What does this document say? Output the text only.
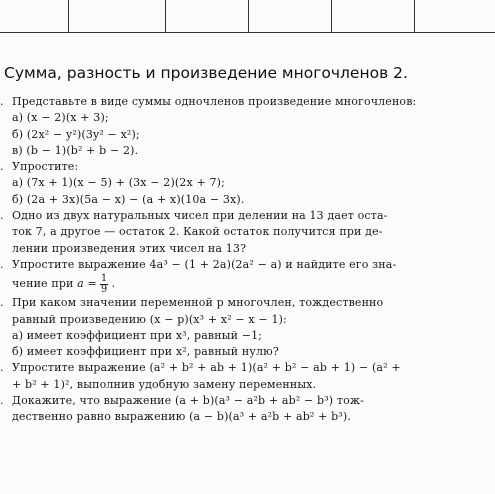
Сумма, разность и произведение многочленов 2.
. Представьте в виде суммы одночленов произведение многочленов:
а) (x − 2)(x + 3);
б) (2x² − y²)(3y² − x²);
в) (b − 1)(b² + b − 2).
. Упростите:
а) (7x + 1)(x − 5) + (3x − 2)(2x + 7);
б) (2a + 3x)(5a − x) − (a + x)(10a − 3x).
. Одно из двух натуральных чисел при делении на 13 дает оста-
ток 7, а другое — остаток 2. Какой остаток получится при де-
лении произведения этих чисел на 13?
. Упростите выражение 4a³ − (1 + 2a)(2a² − a) и найдите его зна-
чение при
a
= $\frac{1}{9}$ .
. При каком значении переменной p многочлен, тождественно
равный произведению (x − p)(x³ + x² − x − 1):
а) имеет коэффициент при x³, равный −1;
б) имеет коэффициент при x², равный нулю?
. Упростите выражение (a² + b² + ab + 1)(a² + b² − ab + 1) − (a² +
+ b² + 1)², выполнив удобную замену переменных.
. Докажите, что выражение (a + b)(a³ − a²b + ab² − b³) тож-
дественно равно выражению (a − b)(a³ + a²b + ab² + b³).
